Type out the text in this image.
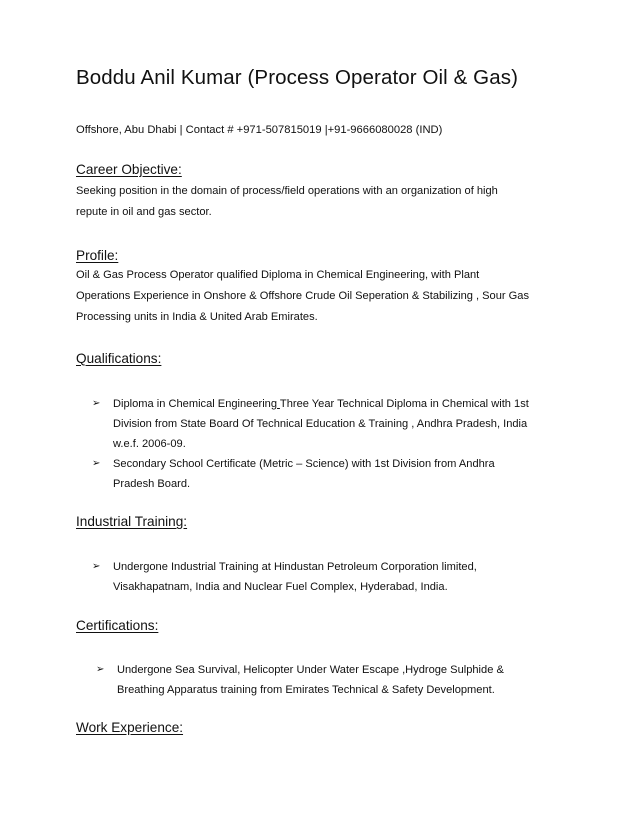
Boddu Anil Kumar (Process Operator Oil & Gas)
Offshore, Abu Dhabi | Contact # +971-507815019 |+91-9666080028 (IND)
Career Objective:
Seeking position in the domain of process/field operations with an organization of high
repute in oil and gas sector.
Profile:
Oil & Gas Process Operator qualified Diploma in Chemical Engineering, with Plant
Operations Experience in Onshore & Offshore Crude Oil Seperation & Stabilizing , Sour Gas
Processing units in India & United Arab Emirates.
Qualifications:
➢	Diploma in Chemical Engineering Three Year Technical Diploma in Chemical with 1st
Division from State Board Of Technical Education & Training , Andhra Pradesh, India
w.e.f. 2006-09.
➢	Secondary School Certificate (Metric – Science) with 1st Division from Andhra
Pradesh Board.
Industrial Training:
➢	Undergone Industrial Training at Hindustan Petroleum Corporation limited,
Visakhapatnam, India and Nuclear Fuel Complex, Hyderabad, India.
Certifications:
➢	Undergone Sea Survival, Helicopter Under Water Escape ,Hydroge Sulphide &
Breathing Apparatus training from Emirates Technical & Safety Development.
Work Experience:
